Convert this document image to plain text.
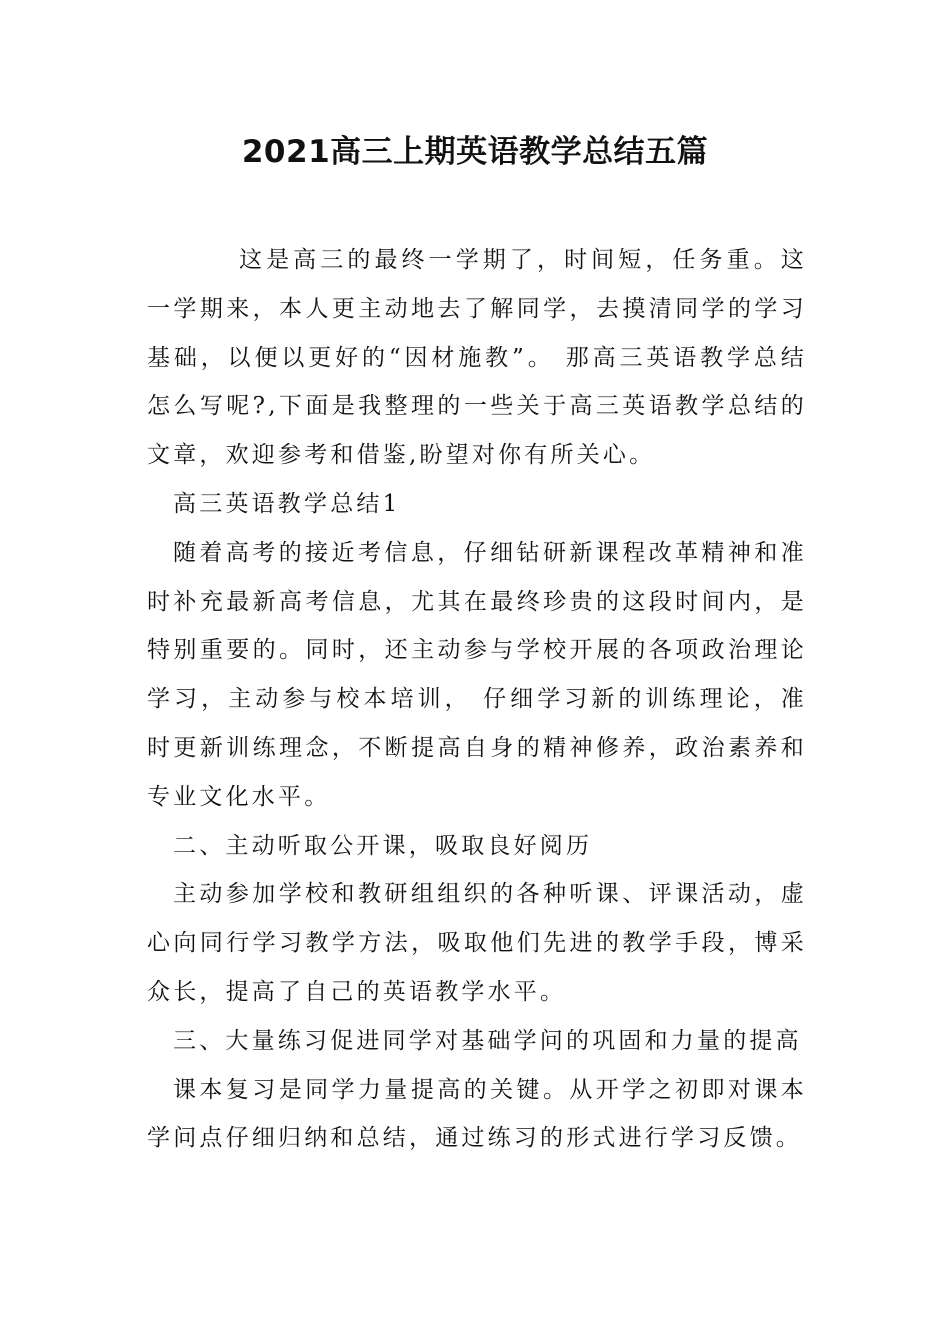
2021高三上期英语教学总结五篇

这是高三的最终一学期了，时间短，任务重。这一学期来，本人更主动地去了解同学，去摸清同学的学习基础，以便以更好的“因材施教”。 那高三英语教学总结怎么写呢?,下面是我整理的一些关于高三英语教学总结的文章，欢迎参考和借鉴,盼望对你有所关心。

高三英语教学总结1

随着高考的接近考信息，仔细钻研新课程改革精神和准时补充最新高考信息，尤其在最终珍贵的这段时间内，是特别重要的。同时，还主动参与学校开展的各项政治理论学习，主动参与校本培训， 仔细学习新的训练理论，准时更新训练理念，不断提高自身的精神修养，政治素养和专业文化水平。

二、主动听取公开课，吸取良好阅历

主动参加学校和教研组组织的各种听课、评课活动，虚心向同行学习教学方法，吸取他们先进的教学手段，博采众长，提高了自己的英语教学水平。

三、大量练习促进同学对基础学问的巩固和力量的提高

课本复习是同学力量提高的关键。从开学之初即对课本学问点仔细归纳和总结，通过练习的形式进行学习反馈。
